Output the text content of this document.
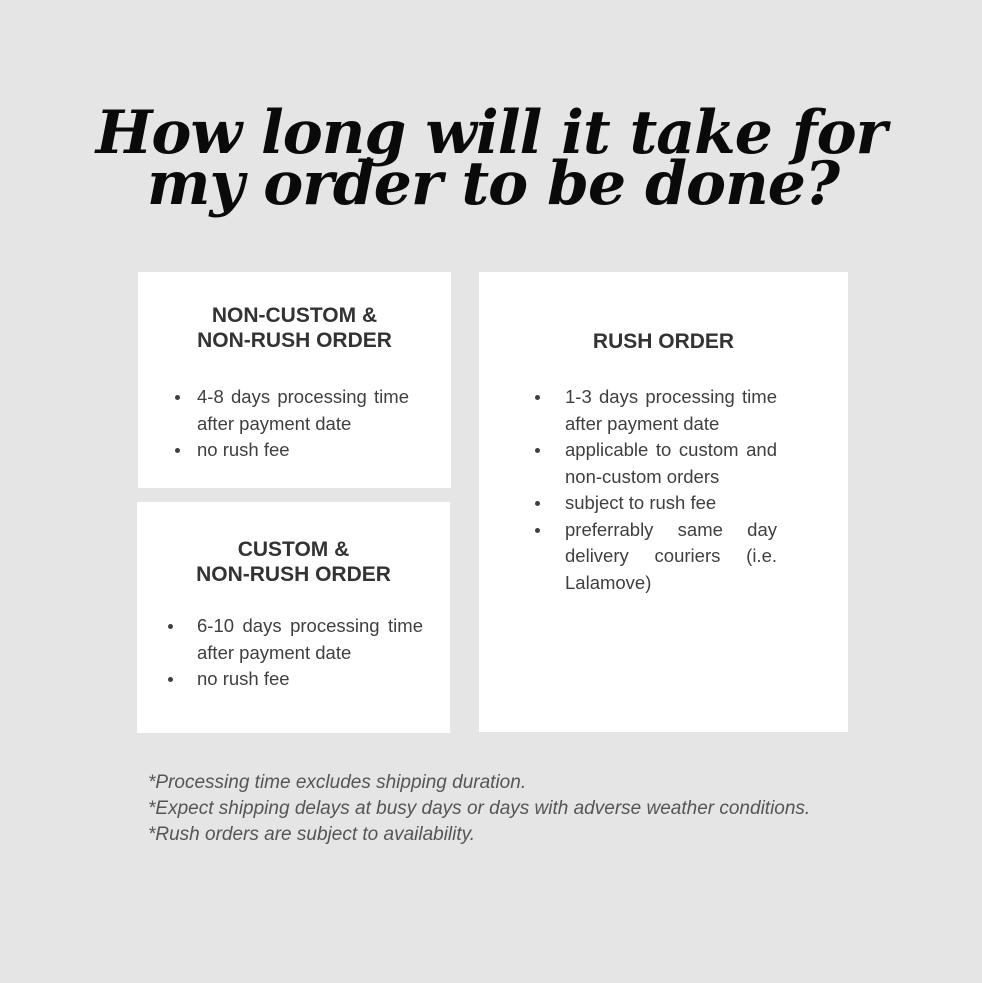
How long will it take for
my order to be done?
NON-CUSTOM &
NON-RUSH ORDER
4-8 days processing time after payment date
no rush fee
CUSTOM &
NON-RUSH ORDER
6-10 days processing time after payment date
no rush fee
RUSH ORDER
1-3 days processing time after payment date
applicable to custom and non-custom orders
subject to rush fee
preferrably same day delivery couriers (i.e. Lalamove)

*Processing time excludes shipping duration.

*Expect shipping delays at busy days or days with adverse weather conditions.

*Rush orders are subject to availability.
